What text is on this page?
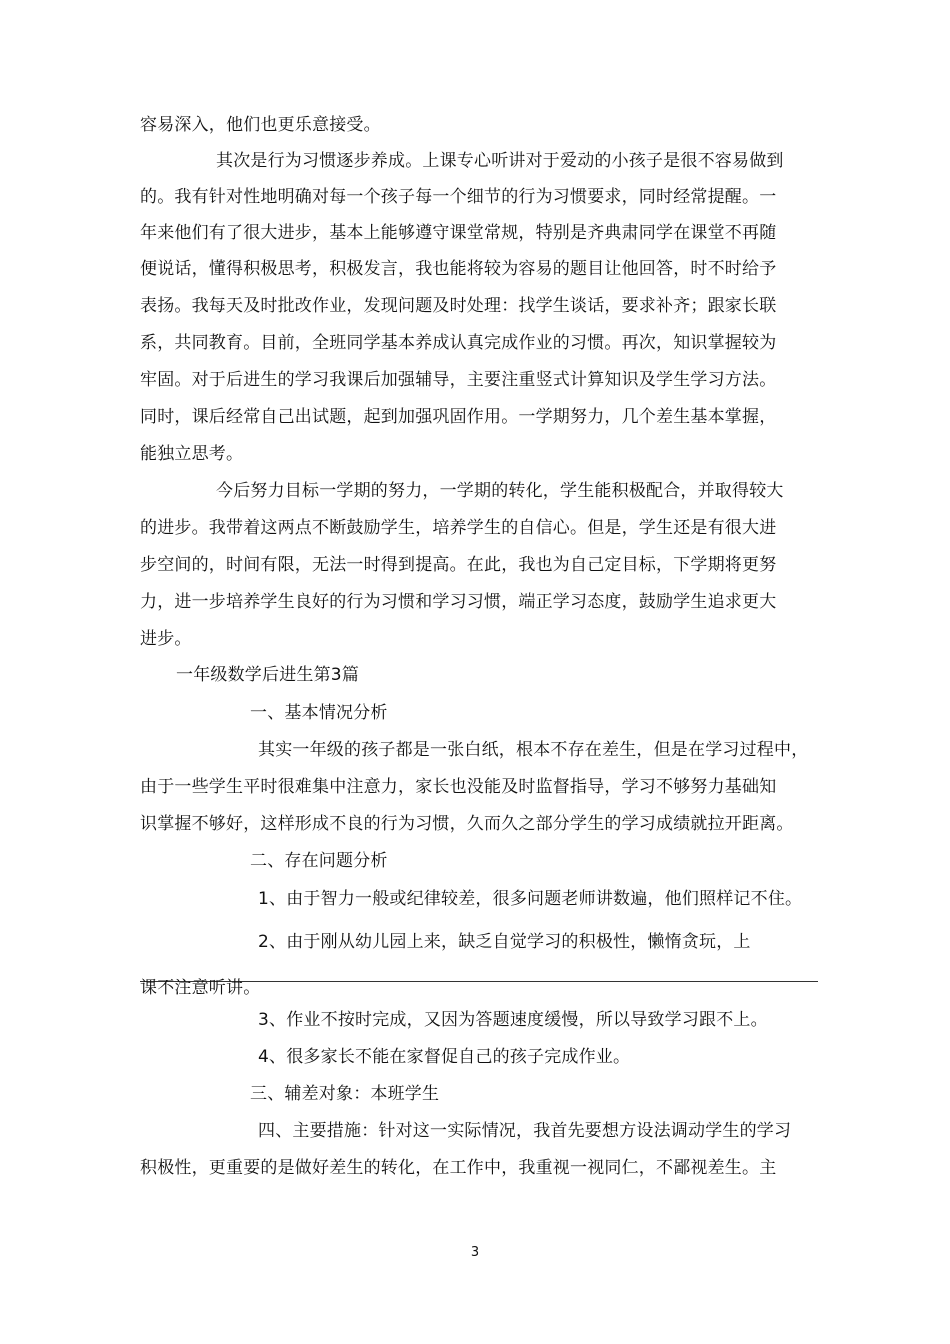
容易深入，他们也更乐意接受。
其次是行为习惯逐步养成。上课专心听讲对于爱动的小孩子是很不容易做到
的。我有针对性地明确对每一个孩子每一个细节的行为习惯要求，同时经常提醒。一
年来他们有了很大进步，基本上能够遵守课堂常规，特别是齐典肃同学在课堂不再随
便说话，懂得积极思考，积极发言，我也能将较为容易的题目让他回答，时不时给予
表扬。我每天及时批改作业，发现问题及时处理：找学生谈话，要求补齐；跟家长联
系，共同教育。目前，全班同学基本养成认真完成作业的习惯。再次，知识掌握较为
牢固。对于后进生的学习我课后加强辅导，主要注重竖式计算知识及学生学习方法。
同时，课后经常自己出试题，起到加强巩固作用。一学期努力，几个差生基本掌握，
能独立思考。
今后努力目标一学期的努力，一学期的转化，学生能积极配合，并取得较大
的进步。我带着这两点不断鼓励学生，培养学生的自信心。但是，学生还是有很大进
步空间的，时间有限，无法一时得到提高。在此，我也为自己定目标，下学期将更努
力，进一步培养学生良好的行为习惯和学习习惯，端正学习态度，鼓励学生追求更大
进步。
一年级数学后进生第3篇
一、基本情况分析
其实一年级的孩子都是一张白纸，根本不存在差生，但是在学习过程中，
由于一些学生平时很难集中注意力，家长也没能及时监督指导，学习不够努力基础知
识掌握不够好，这样形成不良的行为习惯，久而久之部分学生的学习成绩就拉开距离。
二、存在问题分析
1、由于智力一般或纪律较差，很多问题老师讲数遍，他们照样记不住。
2、由于刚从幼儿园上来，缺乏自觉学习的积极性，懒惰贪玩，上
课不注意听讲。
3、作业不按时完成，又因为答题速度缓慢，所以导致学习跟不上。
4、很多家长不能在家督促自己的孩子完成作业。
三、辅差对象：本班学生
四、主要措施：针对这一实际情况，我首先要想方设法调动学生的学习
积极性，更重要的是做好差生的转化，在工作中，我重视一视同仁，不鄙视差生。主
3
